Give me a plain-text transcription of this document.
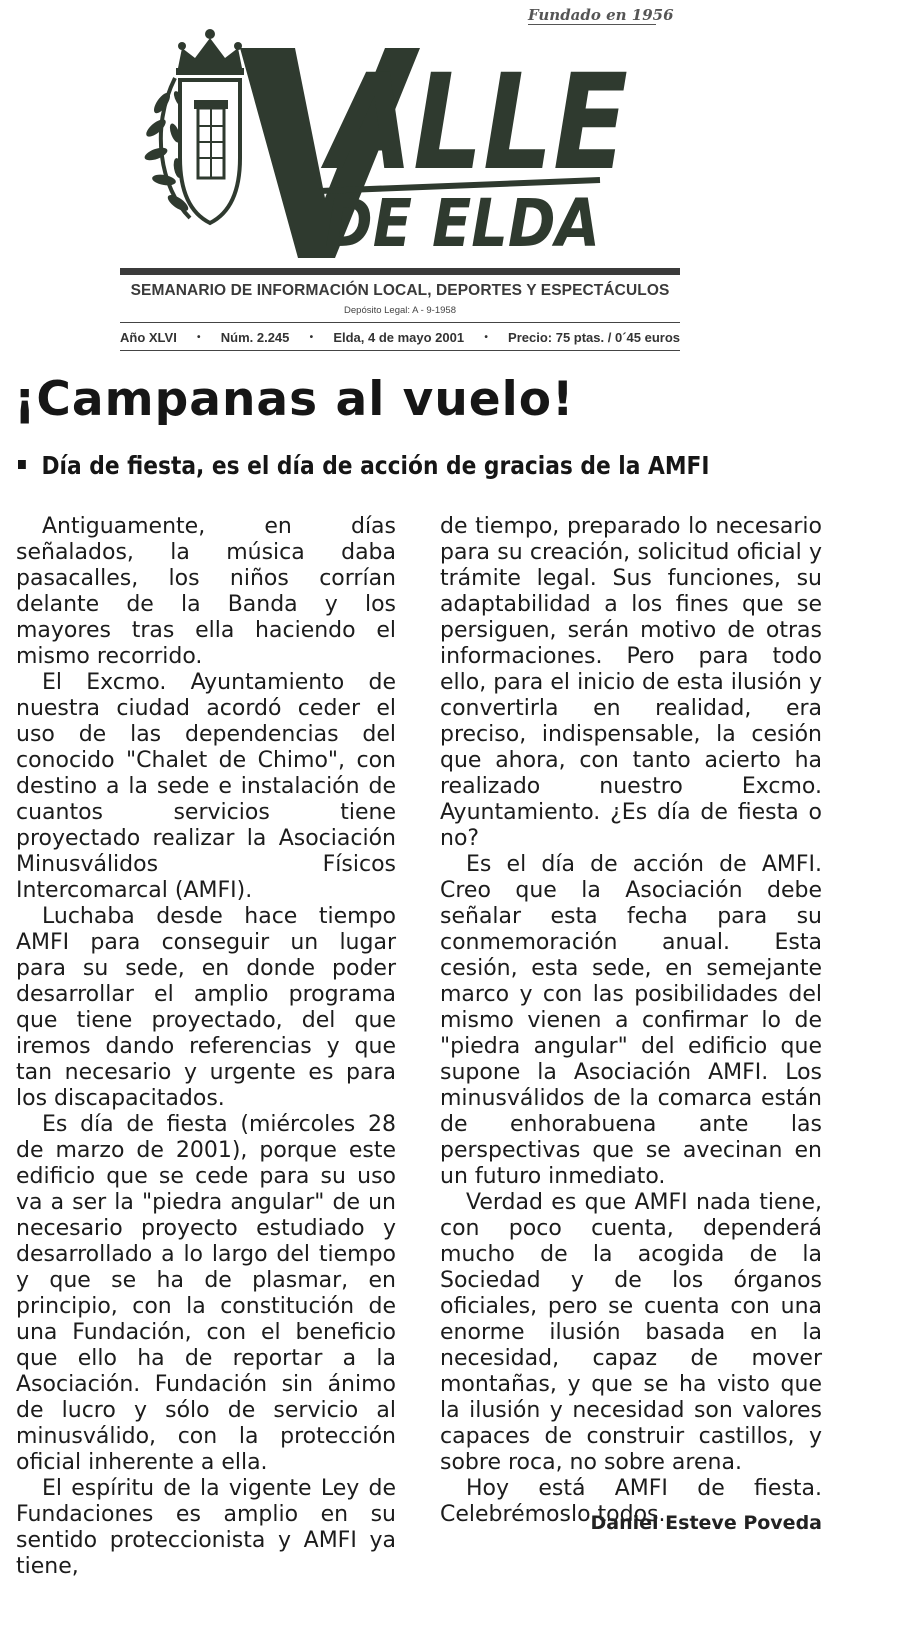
Fundado en 1956
ALLE
DE ELDA
SEMANARIO DE INFORMACIÓN LOCAL, DEPORTES Y ESPECTÁCULOS
Depósito Legal: A - 9-1958
Año XLVI • Núm. 2.245 • Elda, 4 de mayo 2001 • Precio: 75 ptas. / 0´45 euros
¡Campanas al vuelo!
Día de fiesta, es el día de acción de gracias de la AMFI

Antiguamente, en días señalados, la música daba pasacalles, los niños corrían delante de la Banda y los mayores tras ella haciendo el mismo recorrido.

El Excmo. Ayuntamiento de nuestra ciudad acordó ceder el uso de las dependencias del conocido "Chalet de Chimo", con destino a la sede e instalación de cuantos servicios tiene proyectado realizar la Asociación Minusválidos Físicos Intercomarcal (AMFI).

Luchaba desde hace tiempo AMFI para conseguir un lugar para su sede, en donde poder desarrollar el amplio programa que tiene proyectado, del que iremos dando referencias y que tan necesario y urgente es para los discapacitados.

Es día de fiesta (miércoles 28 de marzo de 2001), porque este edificio que se cede para su uso va a ser la "piedra angular" de un necesario proyecto estudiado y desarrollado a lo largo del tiempo y que se ha de plasmar, en principio, con la constitución de una Fundación, con el beneficio que ello ha de reportar a la Asociación. Fundación sin ánimo de lucro y sólo de servicio al minusválido, con la protección oficial inherente a ella.

El espíritu de la vigente Ley de Fundaciones es amplio en su sentido proteccionista y AMFI ya tiene,

de tiempo, preparado lo necesario para su creación, solicitud oficial y trámite legal. Sus funciones, su adaptabilidad a los fines que se persiguen, serán motivo de otras informaciones. Pero para todo ello, para el inicio de esta ilusión y convertirla en realidad, era preciso, indispensable, la cesión que ahora, con tanto acierto ha realizado nuestro Excmo. Ayuntamiento. ¿Es día de fiesta o no?

Es el día de acción de AMFI. Creo que la Asociación debe señalar esta fecha para su conmemoración anual. Esta cesión, esta sede, en semejante marco y con las posibilidades del mismo vienen a confirmar lo de "piedra angular" del edificio que supone la Asociación AMFI. Los minusválidos de la comarca están de enhorabuena ante las perspectivas que se avecinan en un futuro inmediato.

Verdad es que AMFI nada tiene, con poco cuenta, dependerá mucho de la acogida de la Sociedad y de los órganos oficiales, pero se cuenta con una enorme ilusión basada en la necesidad, capaz de mover montañas, y que se ha visto que la ilusión y necesidad son valores capaces de construir castillos, y sobre roca, no sobre arena.

Hoy está AMFI de fiesta. Celebrémoslo todos.

Daniel Esteve Poveda
